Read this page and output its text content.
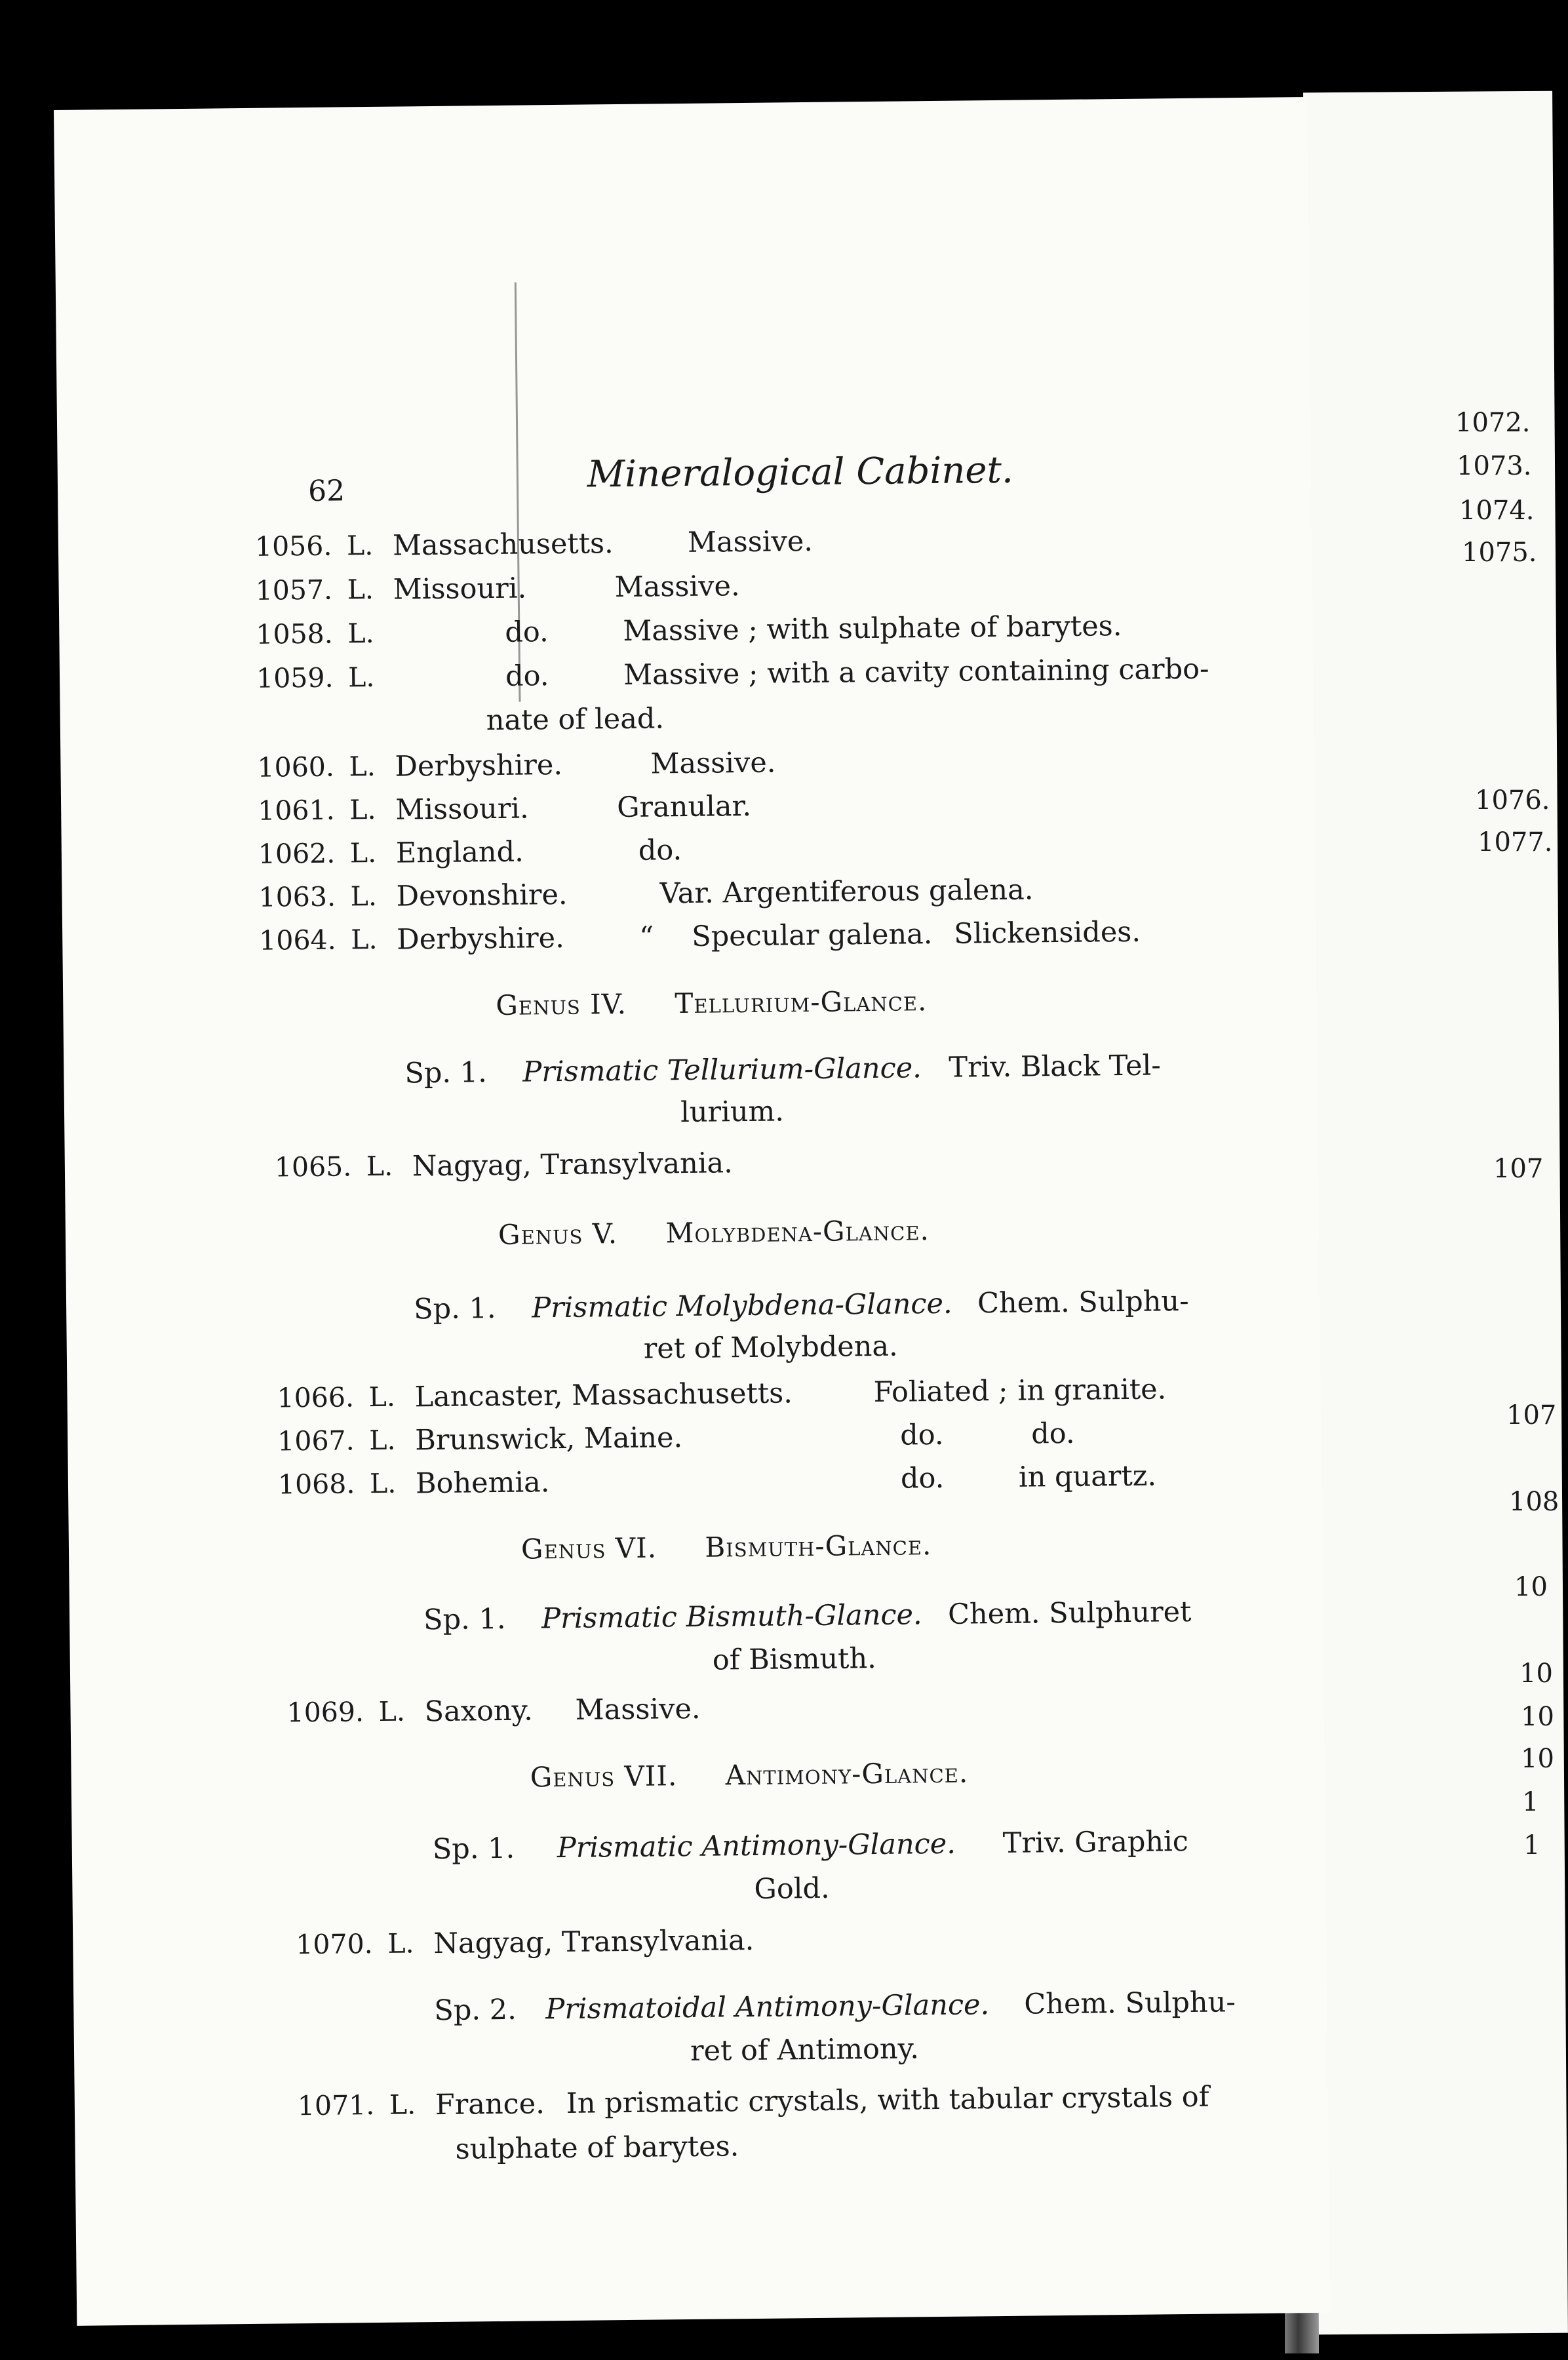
62	Mineralogical Cabinet.
1056. L. Massachusetts.	Massive.
1057. L. Missouri.	Massive.
1058. L.	do.	Massive ; with sulphate of barytes.
1059. L.	do.	Massive ; with a cavity containing carbo-
nate of lead.
1060. L. Derbyshire.	Massive.
1061. L. Missouri.	Granular.
1062. L. England.	do.
1063. L. Devonshire.	Var. Argentiferous galena.
1064. L. Derbyshire.	“ Specular galena. Slickensides.
Genus IV. Tellurium-Glance.
Sp. 1. Prismatic Tellurium-Glance. Triv. Black Tel-
lurium.
1065. L. Nagyag, Transylvania.
Genus V. Molybdena-Glance.
Sp. 1. Prismatic Molybdena-Glance. Chem. Sulphu-
ret of Molybdena.
1066. L. Lancaster, Massachusetts.	Foliated ; in granite.
1067. L. Brunswick, Maine.	do.	do.
1068. L. Bohemia.	do.	in quartz.
Genus VI. Bismuth-Glance.
Sp. 1. Prismatic Bismuth-Glance. Chem. Sulphuret
of Bismuth.
1069. L. Saxony. Massive.
Genus VII. Antimony-Glance.
Sp. 1. Prismatic Antimony-Glance. Triv. Graphic
Gold.
1070. L. Nagyag, Transylvania.
Sp. 2. Prismatoidal Antimony-Glance. Chem. Sulphu-
ret of Antimony.
1071. L. France. In prismatic crystals, with tabular crystals of
sulphate of barytes.
1072.
1073.
1074.
1075.
1076.
1077.
107
107
108
10
10
10
10
1
1
